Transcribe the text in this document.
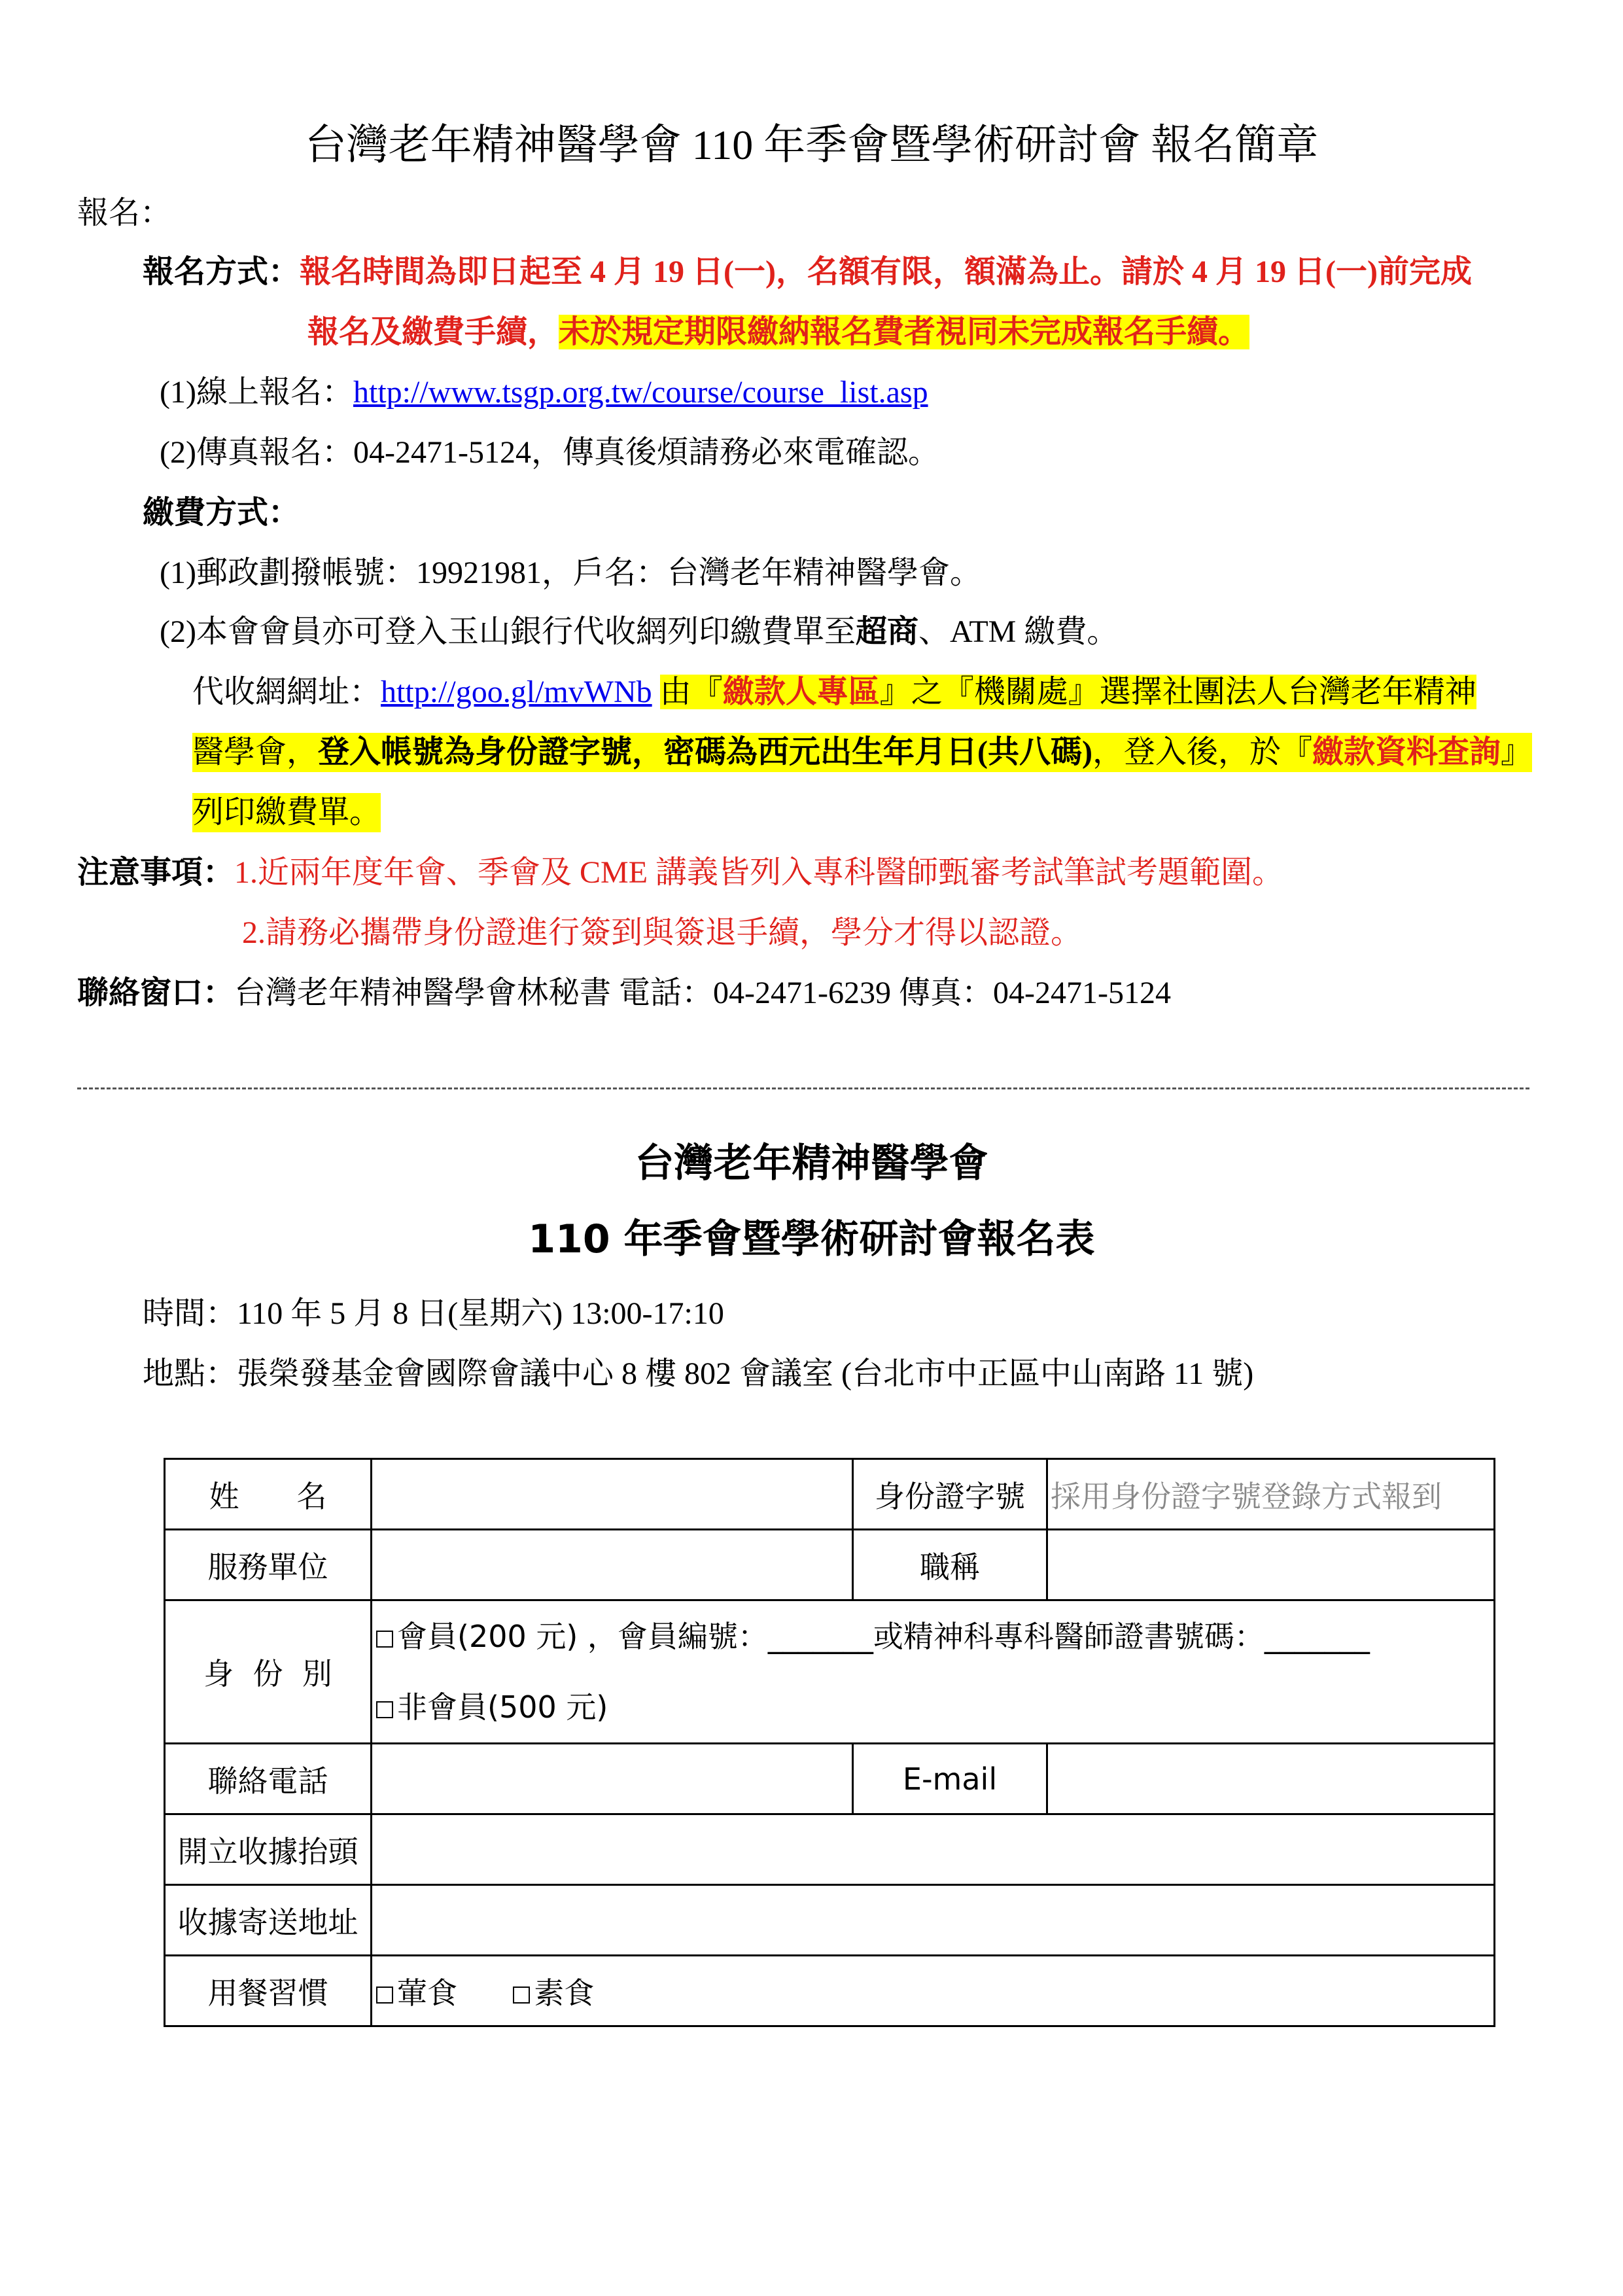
台灣老年精神醫學會 110 年季會暨學術研討會 報名簡章
報名：
報名方式：報名時間為即日起至 4 月 19 日(一)，名額有限，額滿為止。請於 4 月 19 日(一)前完成
報名及繳費手續，未於規定期限繳納報名費者視同未完成報名手續。
(1)線上報名：http://www.tsgp.org.tw/course/course_list.asp
(2)傳真報名：04-2471-5124，傳真後煩請務必來電確認。
繳費方式：
(1)郵政劃撥帳號：19921981，戶名：台灣老年精神醫學會。
(2)本會會員亦可登入玉山銀行代收網列印繳費單至超商、ATM 繳費。
代收網網址：http://goo.gl/mvWNb 由『繳款人專區』之『機關處』選擇社團法人台灣老年精神
醫學會，登入帳號為身份證字號，密碼為西元出生年月日(共八碼)，登入後，於『繳款資料查詢』
列印繳費單。
注意事項：1.近兩年度年會、季會及 CME 講義皆列入專科醫師甄審考試筆試考題範圍。
2.請務必攜帶身份證進行簽到與簽退手續，學分才得以認證。
聯絡窗口：台灣老年精神醫學會林秘書 電話：04-2471-6239 傳真：04-2471-5124
台灣老年精神醫學會
110 年季會暨學術研討會報名表
時間：110 年 5 月 8 日(星期六) 13:00-17:10
地點：張榮發基金會國際會議中心 8 樓 802 會議室 (台北市中正區中山南路 11 號)
姓      名		身份證字號	採用身份證字號登錄方式報到
服務單位		職稱	
身  份  別	會員(200 元) ，會員編號：_______或精神科專科醫師證書號碼：_______
非會員(500 元)		

聯絡電話		E-mail	
開立收據抬頭			
收據寄送地址			
用餐習慣	葷食 素食		
